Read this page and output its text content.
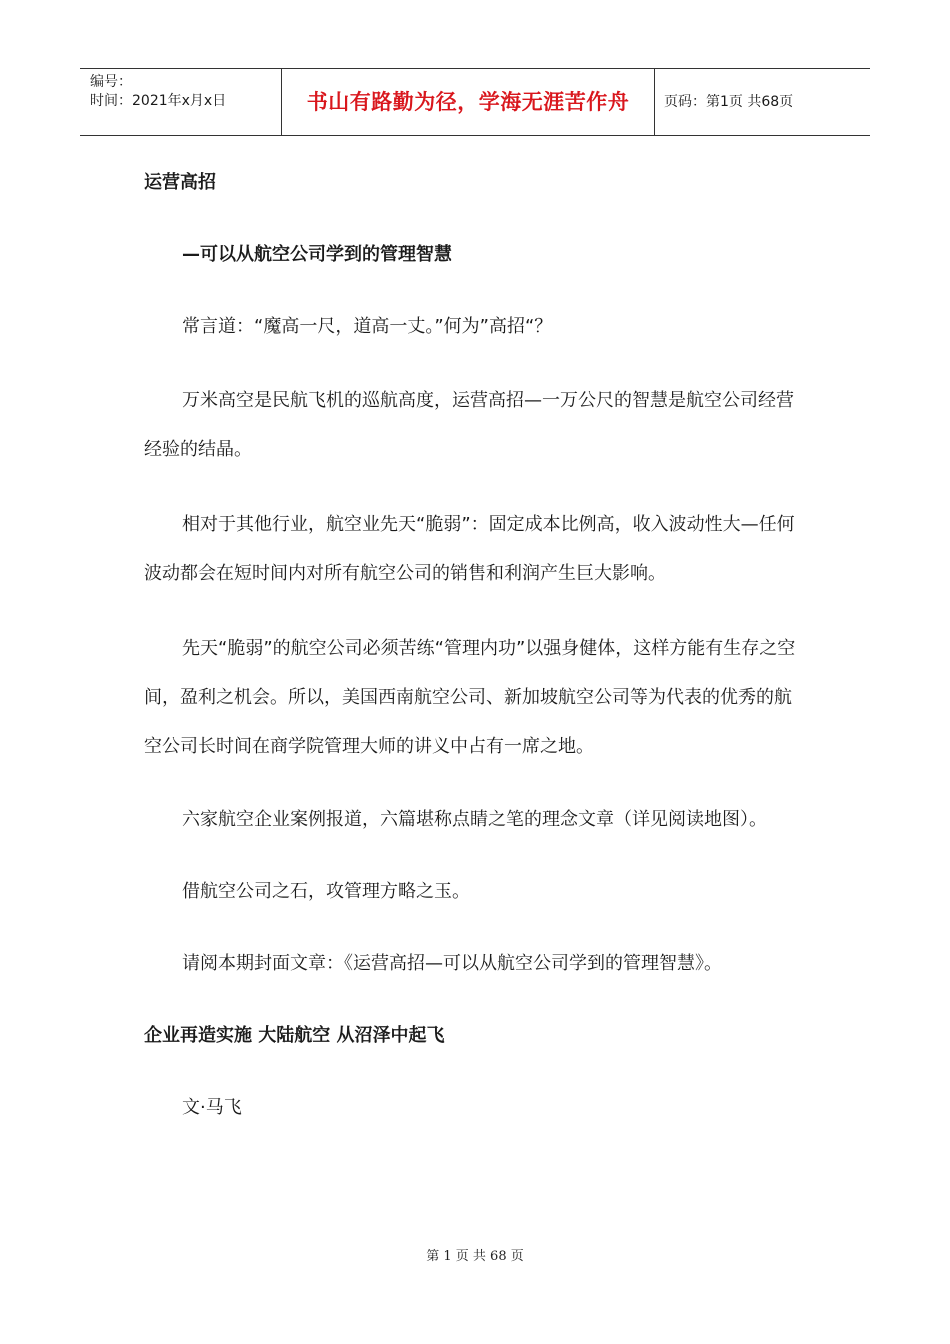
编号：
时间：2021年x月x日	书山有路勤为径，学海无涯苦作舟	页码：第1页 共68页

运营高招

—可以从航空公司学到的管理智慧

常言道：“魔高一尺，道高一丈。”何为”高招“？

万米高空是民航飞机的巡航高度，运营高招—一万公尺的智慧是航空公司经营经验的结晶。

相对于其他行业，航空业先天“脆弱”：固定成本比例高，收入波动性大—任何波动都会在短时间内对所有航空公司的销售和利润产生巨大影响。

先天“脆弱”的航空公司必须苦练“管理内功”以强身健体，这样方能有生存之空间，盈利之机会。所以，美国西南航空公司、新加坡航空公司等为代表的优秀的航空公司长时间在商学院管理大师的讲义中占有一席之地。

六家航空企业案例报道，六篇堪称点睛之笔的理念文章（详见阅读地图）。

借航空公司之石，攻管理方略之玉。

请阅本期封面文章：《运营高招—可以从航空公司学到的管理智慧》。

企业再造实施 大陆航空 从沼泽中起飞

文·马飞

第 1 页 共 68 页
